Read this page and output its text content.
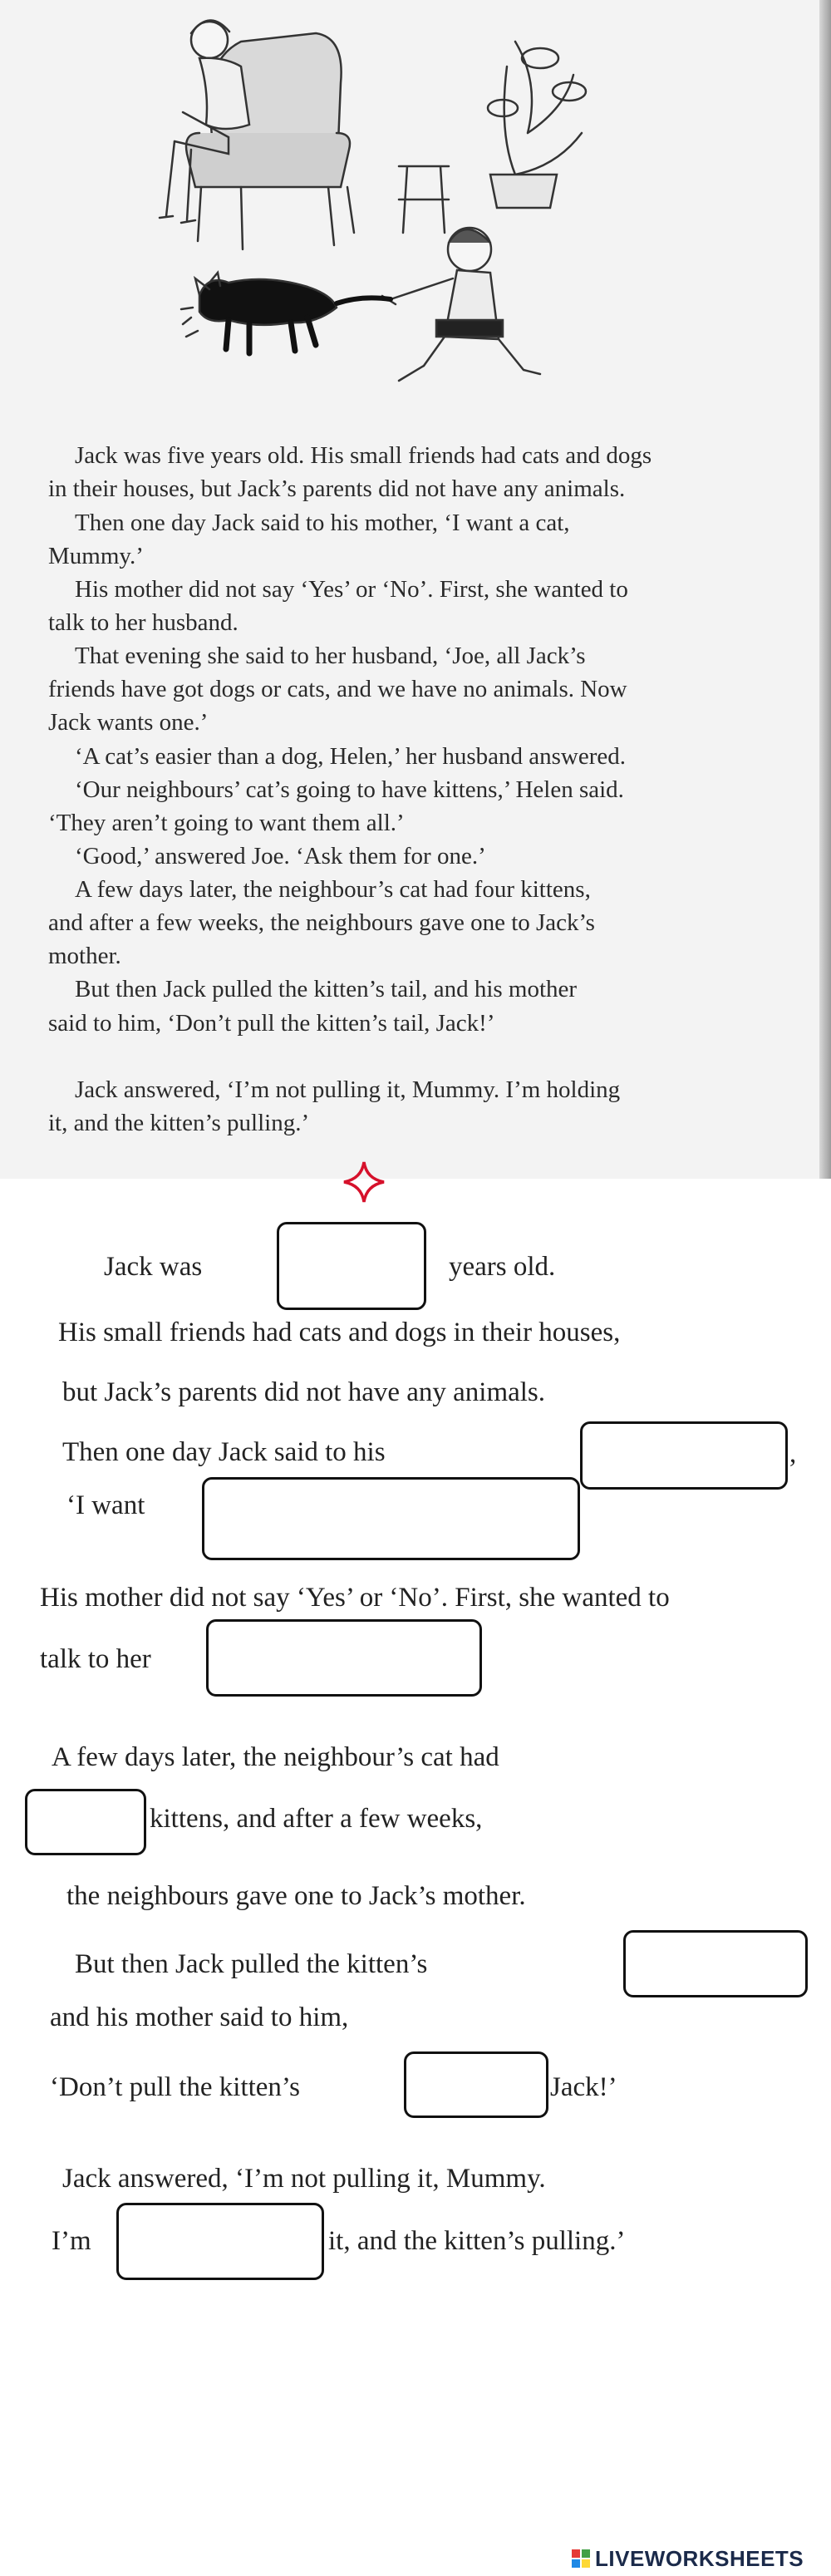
Jack was five years old. His small friends had cats and dogs

in their houses, but Jack’s parents did not have any animals.

Then one day Jack said to his mother, ‘I want a cat,

Mummy.’

His mother did not say ‘Yes’ or ‘No’. First, she wanted to

talk to her husband.

That evening she said to her husband, ‘Joe, all Jack’s

friends have got dogs or cats, and we have no animals. Now

Jack wants one.’

‘A cat’s easier than a dog, Helen,’ her husband answered.

‘Our neighbours’ cat’s going to have kittens,’ Helen said.

‘They aren’t going to want them all.’

‘Good,’ answered Joe. ‘Ask them for one.’

A few days later, the neighbour’s cat had four kittens,

and after a few weeks, the neighbours gave one to Jack’s

mother.

But then Jack pulled the kitten’s tail, and his mother

said to him, ‘Don’t pull the kitten’s tail, Jack!’

Jack answered, ‘I’m not pulling it, Mummy. I’m holding

it, and the kitten’s pulling.’

Jack was	years old.

His small friends had cats and dogs in their houses,

but Jack’s parents did not have any animals.

Then one day Jack said to his	,

‘I want

His mother did not say ‘Yes’ or ‘No’. First, she wanted to

talk to her

A few days later, the neighbour’s cat had

kittens, and after a few weeks,

the neighbours gave one to Jack’s mother.

But then Jack pulled the kitten’s

and his mother said to him,

‘Don’t pull the kitten’s	Jack!’

Jack answered, ‘I’m not pulling it, Mummy.

I’m	it, and the kitten’s pulling.’

LIVEWORKSHEETS
